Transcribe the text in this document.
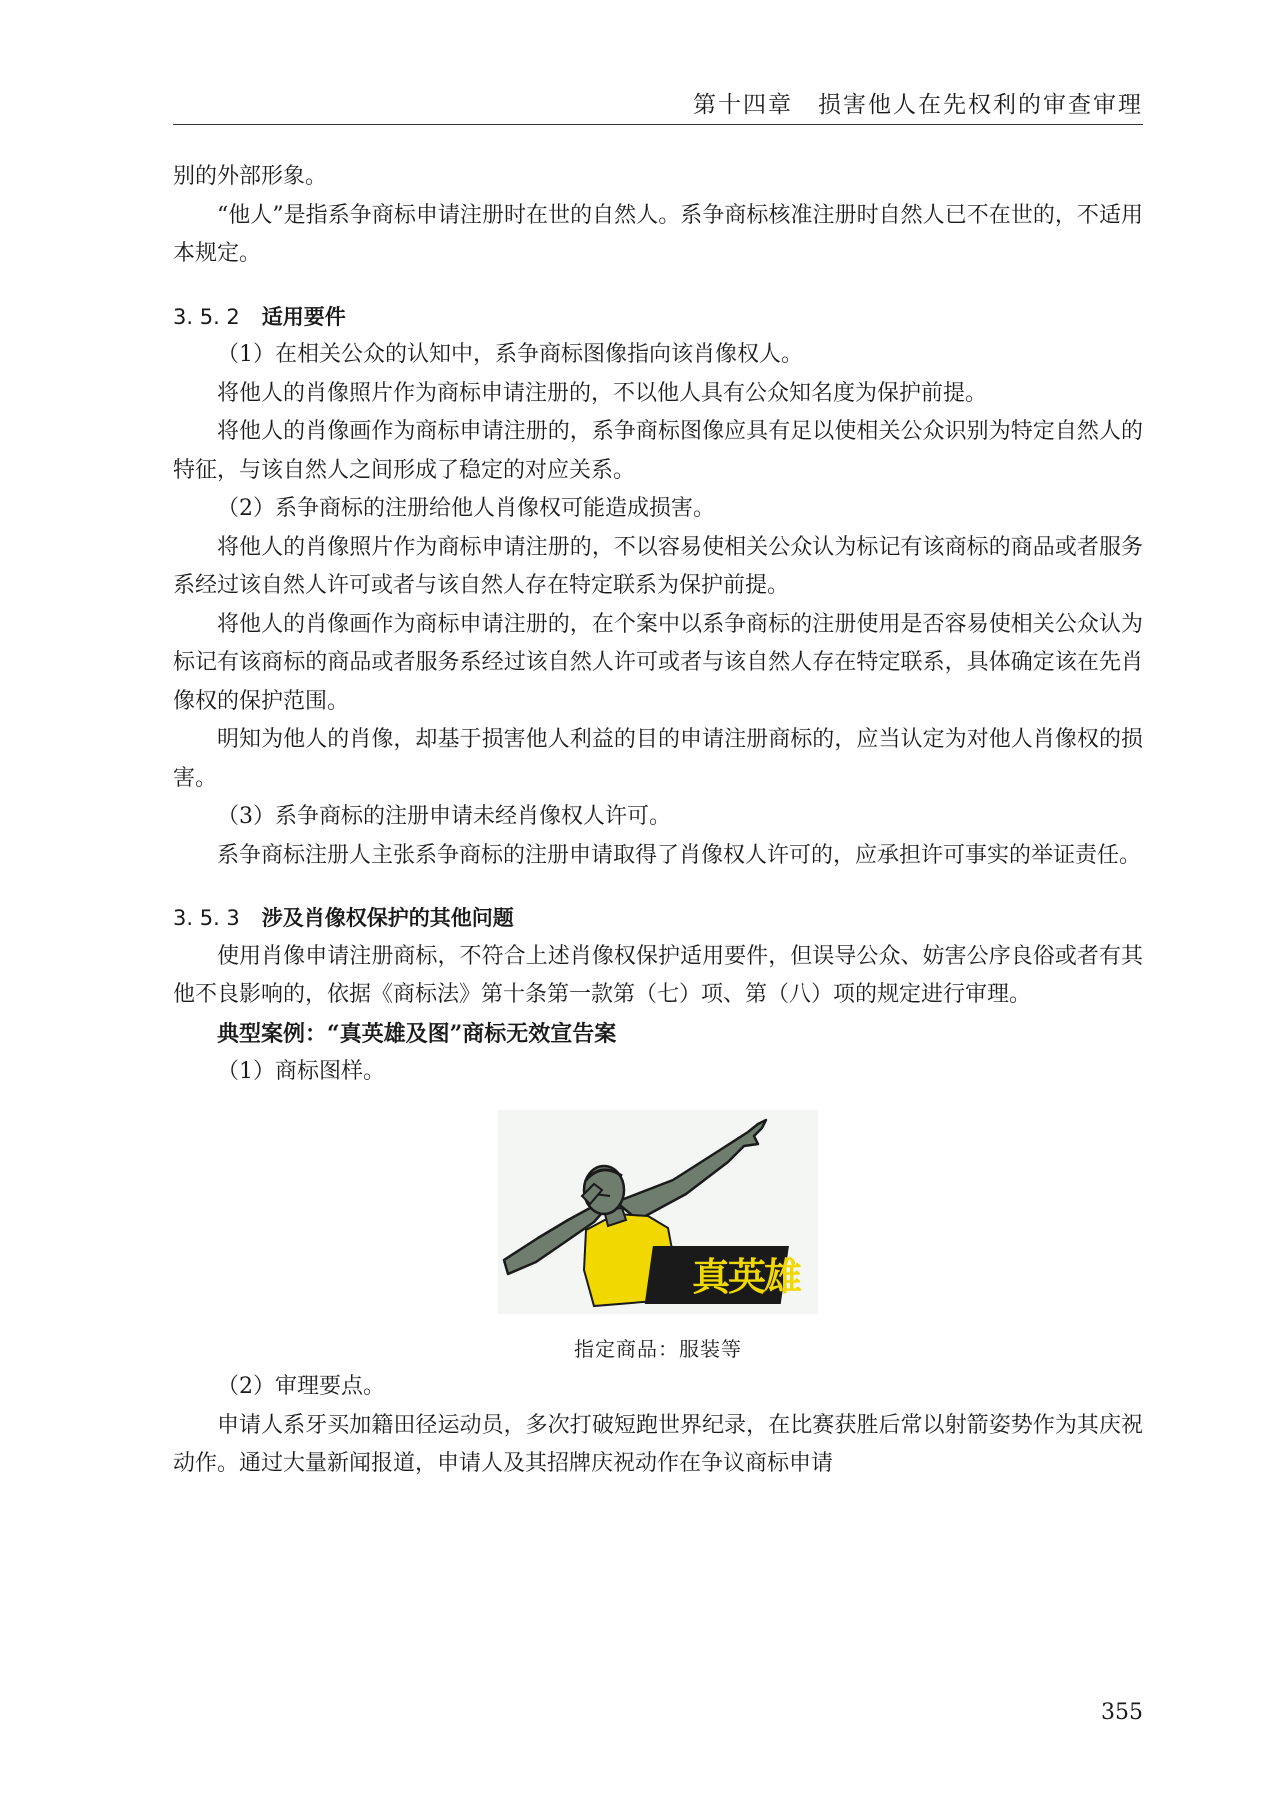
第十四章　损害他人在先权利的审查审理

别的外部形象。

“他人”是指系争商标申请注册时在世的自然人。系争商标核准注册时自然人已不在世的，不适用本规定。

3. 5. 2 适用要件

（1）在相关公众的认知中，系争商标图像指向该肖像权人。

将他人的肖像照片作为商标申请注册的，不以他人具有公众知名度为保护前提。

将他人的肖像画作为商标申请注册的，系争商标图像应具有足以使相关公众识别为特定自然人的特征，与该自然人之间形成了稳定的对应关系。

（2）系争商标的注册给他人肖像权可能造成损害。

将他人的肖像照片作为商标申请注册的，不以容易使相关公众认为标记有该商标的商品或者服务系经过该自然人许可或者与该自然人存在特定联系为保护前提。

将他人的肖像画作为商标申请注册的，在个案中以系争商标的注册使用是否容易使相关公众认为标记有该商标的商品或者服务系经过该自然人许可或者与该自然人存在特定联系，具体确定该在先肖像权的保护范围。

明知为他人的肖像，却基于损害他人利益的目的申请注册商标的，应当认定为对他人肖像权的损害。

（3）系争商标的注册申请未经肖像权人许可。

系争商标注册人主张系争商标的注册申请取得了肖像权人许可的，应承担许可事实的举证责任。

3. 5. 3 涉及肖像权保护的其他问题

使用肖像申请注册商标，不符合上述肖像权保护适用要件，但误导公众、妨害公序良俗或者有其他不良影响的，依据《商标法》第十条第一款第（七）项、第（八）项的规定进行审理。

典型案例：“真英雄及图”商标无效宣告案

（1）商标图样。

真英雄

指定商品：服装等

（2）审理要点。

申请人系牙买加籍田径运动员，多次打破短跑世界纪录，在比赛获胜后常以射箭姿势作为其庆祝动作。通过大量新闻报道，申请人及其招牌庆祝动作在争议商标申请

355
